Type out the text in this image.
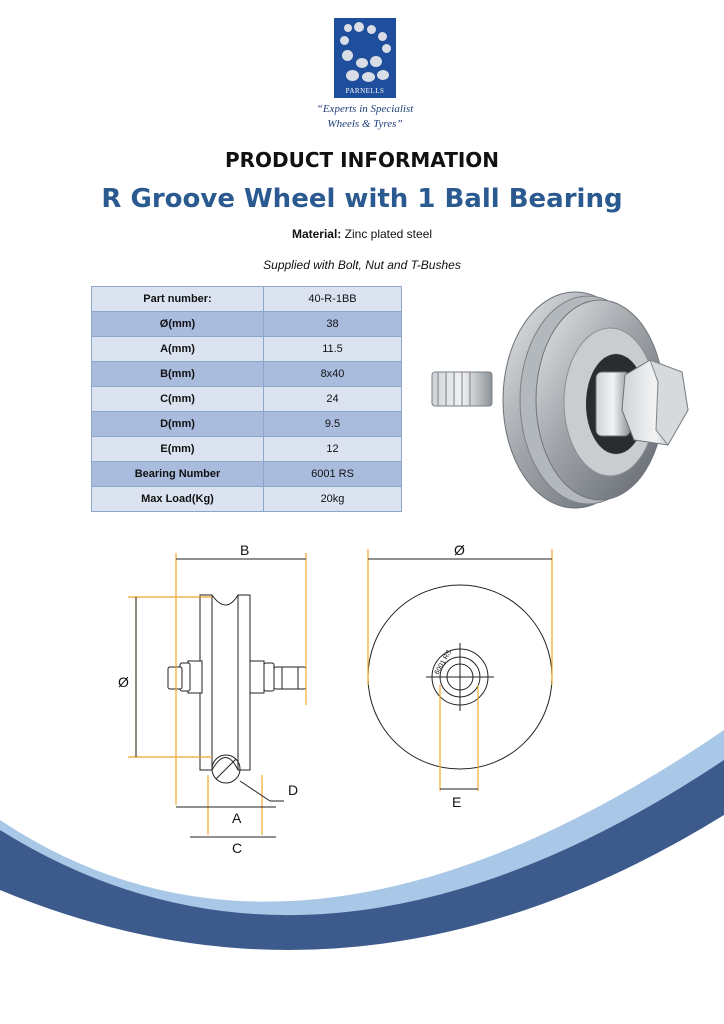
PARNELLS
“Experts in Specialist
Wheels & Tyres”
PRODUCT INFORMATION
R Groove Wheel with 1 Ball Bearing
Material: Zinc plated steel
Supplied with Bolt, Nut and T-Bushes
Part number:	40-R-1BB
Ø(mm)	38
A(mm)	11.5
B(mm)	8x40
C(mm)	24
D(mm)	9.5
E(mm)	12
Bearing Number	6001 RS
Max Load(Kg)	20kg
B
Ø
D
A
C
Ø
E
6001 RS
